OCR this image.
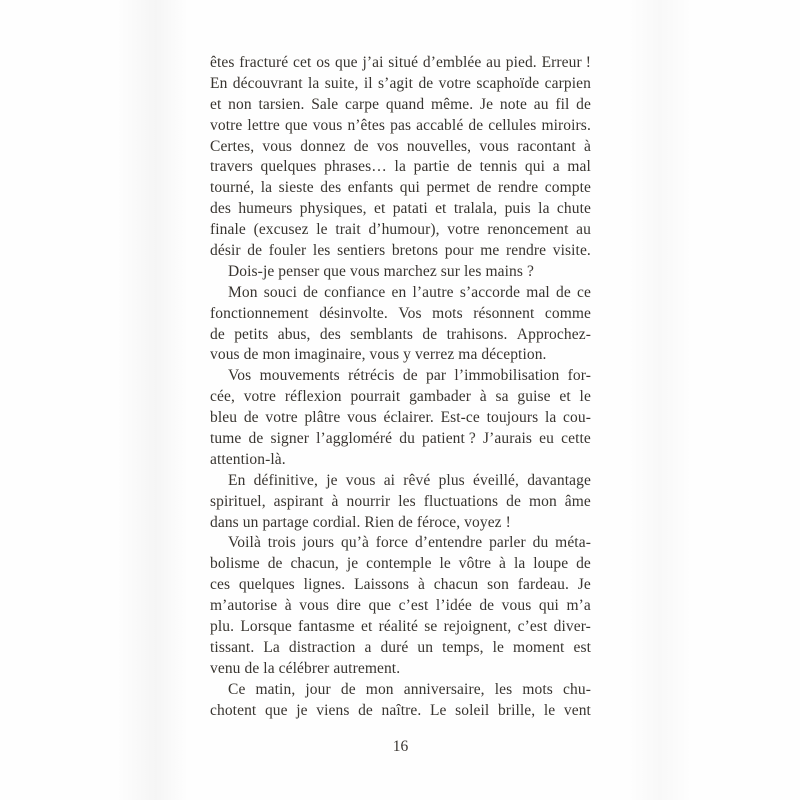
êtes fracturé cet os que j’ai situé d’emblée au pied. Erreur !
En découvrant la suite, il s’agit de votre scaphoïde carpien
et non tarsien. Sale carpe quand même. Je note au fil de
votre lettre que vous n’êtes pas accablé de cellules miroirs.
Certes, vous donnez de vos nouvelles, vous racontant à
travers quelques phrases… la partie de tennis qui a mal
tourné, la sieste des enfants qui permet de rendre compte
des humeurs physiques, et patati et tralala, puis la chute
finale (excusez le trait d’humour), votre renoncement au
désir de fouler les sentiers bretons pour me rendre visite.
Dois-je penser que vous marchez sur les mains ?
Mon souci de confiance en l’autre s’accorde mal de ce
fonctionnement désinvolte. Vos mots résonnent comme
de petits abus, des semblants de trahisons. Approchez-
vous de mon imaginaire, vous y verrez ma déception.
Vos mouvements rétrécis de par l’immobilisation for-
cée, votre réflexion pourrait gambader à sa guise et le
bleu de votre plâtre vous éclairer. Est-ce toujours la cou-
tume de signer l’aggloméré du patient ? J’aurais eu cette
attention-là.
En définitive, je vous ai rêvé plus éveillé, davantage
spirituel, aspirant à nourrir les fluctuations de mon âme
dans un partage cordial. Rien de féroce, voyez !
Voilà trois jours qu’à force d’entendre parler du méta-
bolisme de chacun, je contemple le vôtre à la loupe de
ces quelques lignes. Laissons à chacun son fardeau. Je
m’autorise à vous dire que c’est l’idée de vous qui m’a
plu. Lorsque fantasme et réalité se rejoignent, c’est diver-
tissant. La distraction a duré un temps, le moment est
venu de la célébrer autrement.
Ce matin, jour de mon anniversaire, les mots chu-
chotent que je viens de naître. Le soleil brille, le vent
16
